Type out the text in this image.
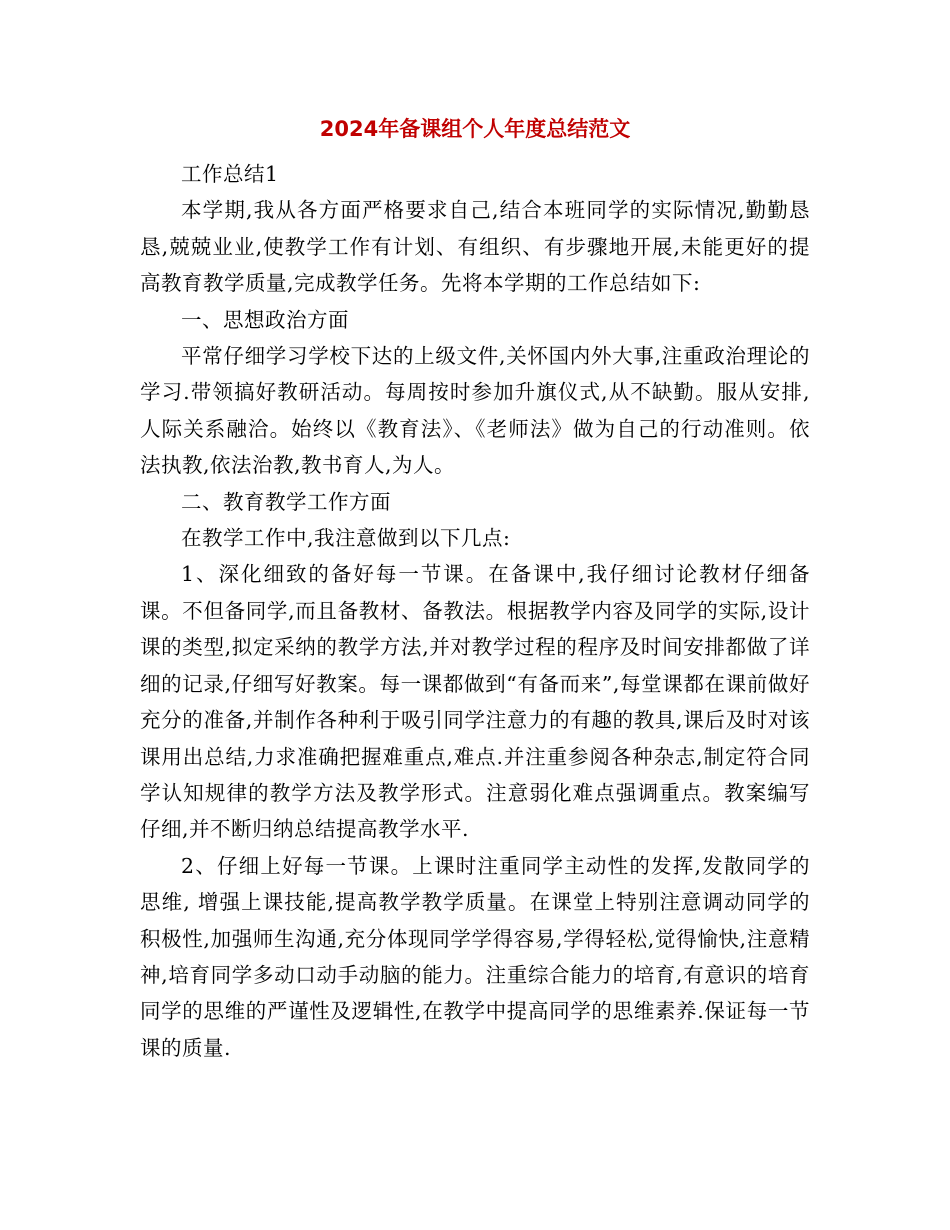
2024年备课组个人年度总结范文

工作总结1

本学期,我从各方面严格要求自己,结合本班同学的实际情况,勤勤恳恳,兢兢业业,使教学工作有计划、有组织、有步骤地开展,未能更好的提高教育教学质量,完成教学任务。先将本学期的工作总结如下:

一、思想政治方面

平常仔细学习学校下达的上级文件,关怀国内外大事,注重政治理论的学习.带领搞好教研活动。每周按时参加升旗仪式,从不缺勤。服从安排,人际关系融洽。始终以《教育法》、《老师法》做为自己的行动准则。依法执教,依法治教,教书育人,为人。

二、教育教学工作方面

在教学工作中,我注意做到以下几点:

1、深化细致的备好每一节课。在备课中,我仔细讨论教材仔细备课。不但备同学,而且备教材、备教法。根据教学内容及同学的实际,设计课的类型,拟定采纳的教学方法,并对教学过程的程序及时间安排都做了详细的记录,仔细写好教案。每一课都做到“有备而来”,每堂课都在课前做好充分的准备,并制作各种利于吸引同学注意力的有趣的教具,课后及时对该课用出总结,力求准确把握难重点,难点.并注重参阅各种杂志,制定符合同学认知规律的教学方法及教学形式。注意弱化难点强调重点。教案编写仔细,并不断归纳总结提高教学水平.

2、仔细上好每一节课。上课时注重同学主动性的发挥,发散同学的思维, 增强上课技能,提高教学教学质量。在课堂上特别注意调动同学的积极性,加强师生沟通,充分体现同学学得容易,学得轻松,觉得愉快,注意精神,培育同学多动口动手动脑的能力。注重综合能力的培育,有意识的培育同学的思维的严谨性及逻辑性,在教学中提高同学的思维素养.保证每一节课的质量.
